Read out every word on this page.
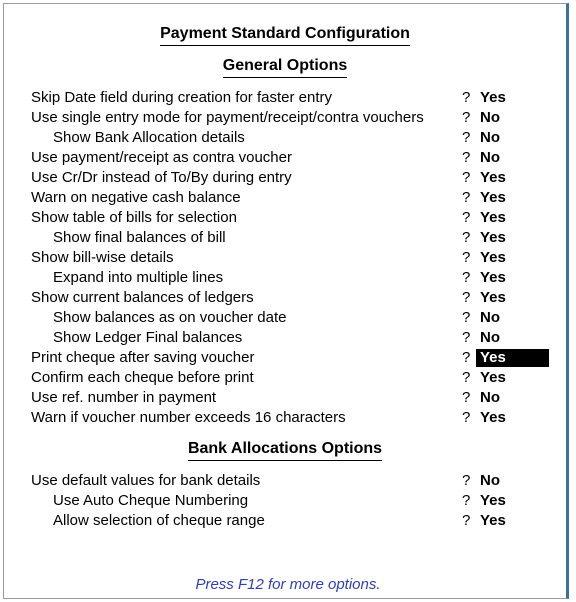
Payment Standard Configuration
General Options
Skip Date field during creation for faster entry	? Yes
Use single entry mode for payment/receipt/contra vouchers	? No
Show Bank Allocation details	? No
Use payment/receipt as contra voucher	? No
Use Cr/Dr instead of To/By during entry	? Yes
Warn on negative cash balance	? Yes
Show table of bills for selection	? Yes
Show final balances of bill	? Yes
Show bill-wise details	? Yes
Expand into multiple lines	? Yes
Show current balances of ledgers	? Yes
Show balances as on voucher date	? No
Show Ledger Final balances	? No
Print cheque after saving voucher	? Yes
Confirm each cheque before print	? Yes
Use ref. number in payment	? No
Warn if voucher number exceeds 16 characters	? Yes
Bank Allocations Options
Use default values for bank details	? No
Use Auto Cheque Numbering	? Yes
Allow selection of cheque range	? Yes
Press F12 for more options.
